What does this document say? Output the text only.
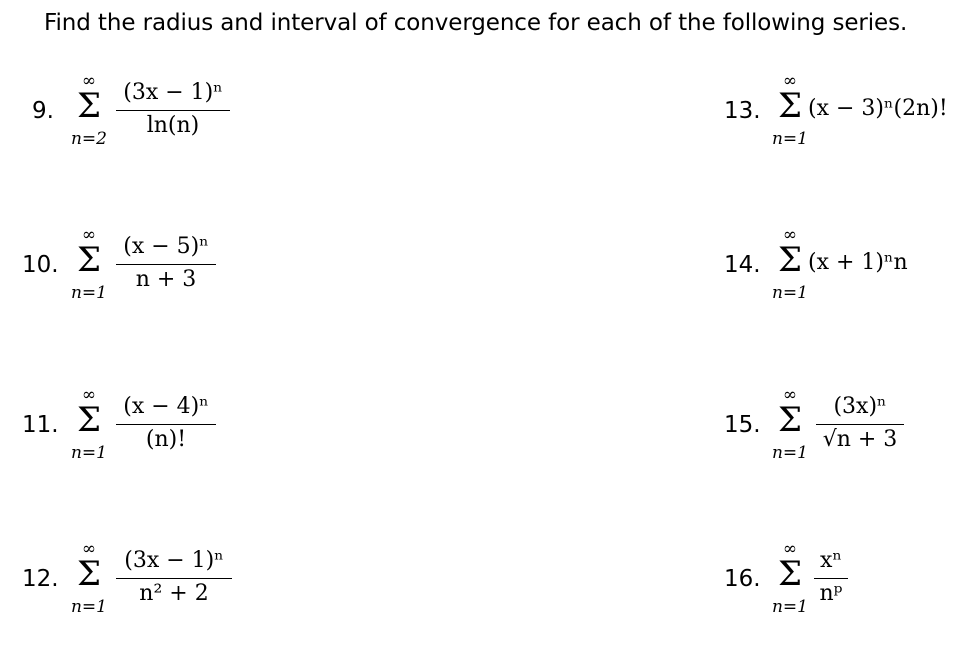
Find the radius and interval of convergence for each of the following series.
9.
∞
Σ
n=2
(3x − 1)ⁿ
ln(n)
10.
∞
Σ
n=1
(x − 5)ⁿ
n + 3
11.
∞
Σ
n=1
(x − 4)ⁿ
(n)!
12.
∞
Σ
n=1
(3x − 1)ⁿ
n² + 2
13.
∞
Σ
n=1
(x − 3)ⁿ(2n)!
14.
∞
Σ
n=1
(x + 1)ⁿn
15.
∞
Σ
n=1
(3x)ⁿ
√n + 3
16.
∞
Σ
n=1
xⁿ
nᵖ
